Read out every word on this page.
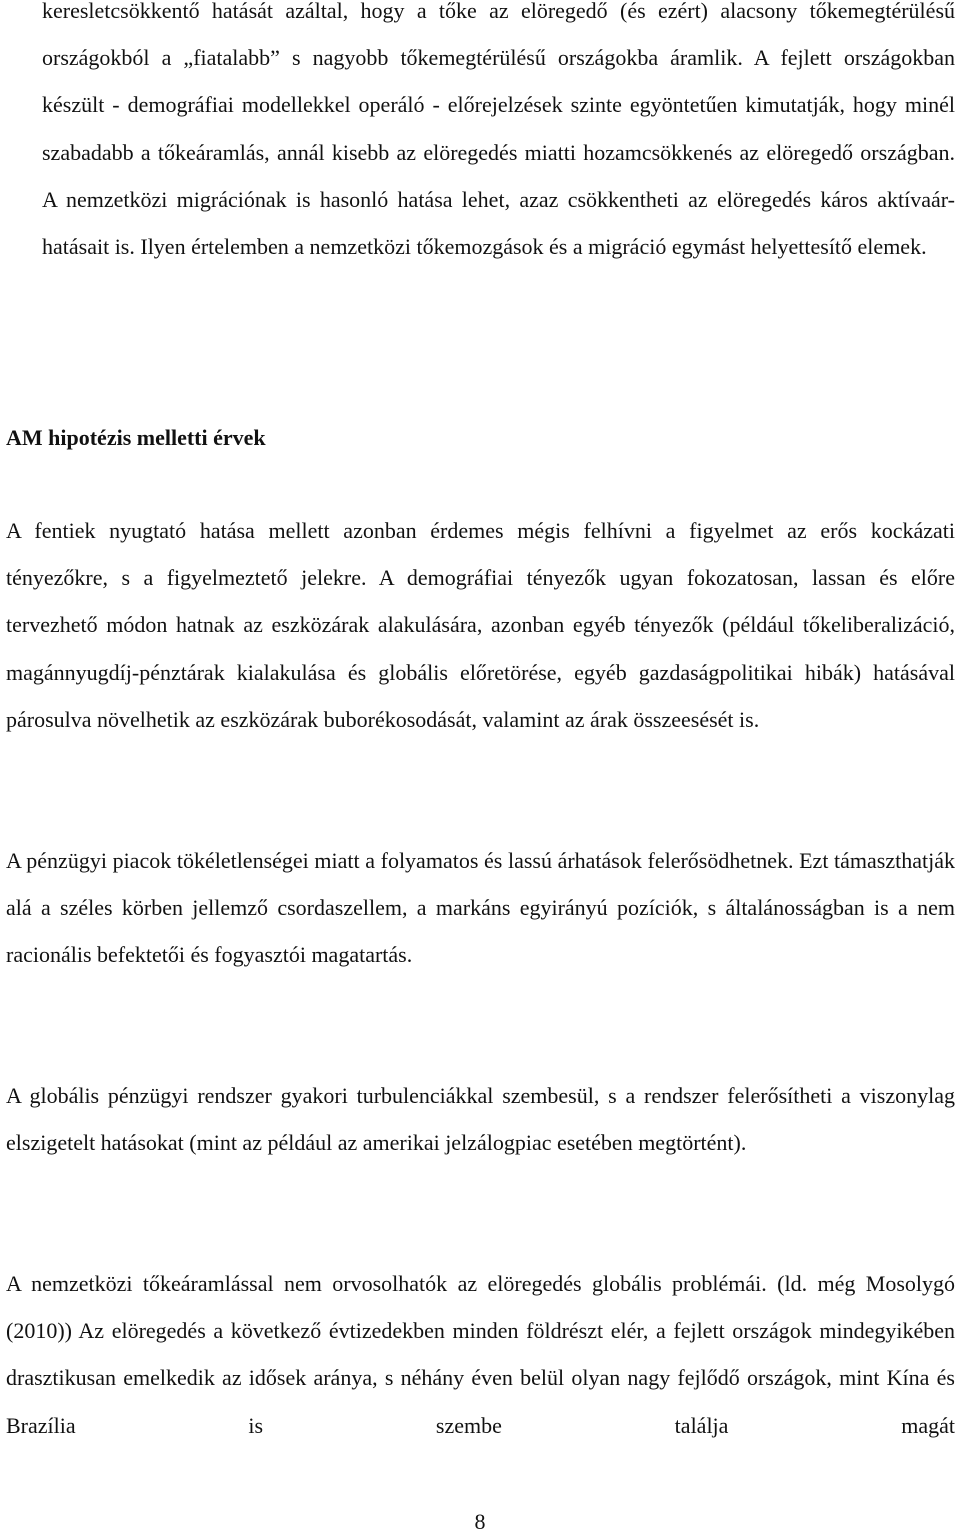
keresletcsökkentő hatását azáltal, hogy a tőke az elöregedő (és ezért) alacsony tőkemegtérülésű országokból a „fiatalabb” s nagyobb tőkemegtérülésű országokba áramlik. A fejlett országokban készült - demográfiai modellekkel operáló - előrejelzések szinte egyöntetűen kimutatják, hogy minél szabadabb a tőkeáramlás, annál kisebb az elöregedés miatti hozamcsökkenés az elöregedő országban. A nemzetközi migrációnak is hasonló hatása lehet, azaz csökkentheti az elöregedés káros aktívaár-hatásait is. Ilyen értelemben a nemzetközi tőkemozgások és a migráció egymást helyettesítő elemek.

AM hipotézis melletti érvek

A fentiek nyugtató hatása mellett azonban érdemes mégis felhívni a figyelmet az erős kockázati tényezőkre, s a figyelmeztető jelekre. A demográfiai tényezők ugyan fokozatosan, lassan és előre tervezhető módon hatnak az eszközárak alakulására, azonban egyéb tényezők (például tőkeliberalizáció, magánnyugdíj-pénztárak kialakulása és globális előretörése, egyéb gazdaságpolitikai hibák) hatásával párosulva növelhetik az eszközárak buborékosodását, valamint az árak összeesését is.

A pénzügyi piacok tökéletlenségei miatt a folyamatos és lassú árhatások felerősödhetnek. Ezt támaszthatják alá a széles körben jellemző csordaszellem, a markáns egyirányú pozíciók, s általánosságban is a nem racionális befektetői és fogyasztói magatartás.

A globális pénzügyi rendszer gyakori turbulenciákkal szembesül, s a rendszer felerősítheti a viszonylag elszigetelt hatásokat (mint az például az amerikai jelzálogpiac esetében megtörtént).

A nemzetközi tőkeáramlással nem orvosolhatók az elöregedés globális problémái. (ld. még Mosolygó (2010)) Az elöregedés a következő évtizedekben minden földrészt elér, a fejlett országok mindegyikében drasztikusan emelkedik az idősek aránya, s néhány éven belül olyan nagy fejlődő országok, mint Kína és Brazília is szembe találja magát

8
